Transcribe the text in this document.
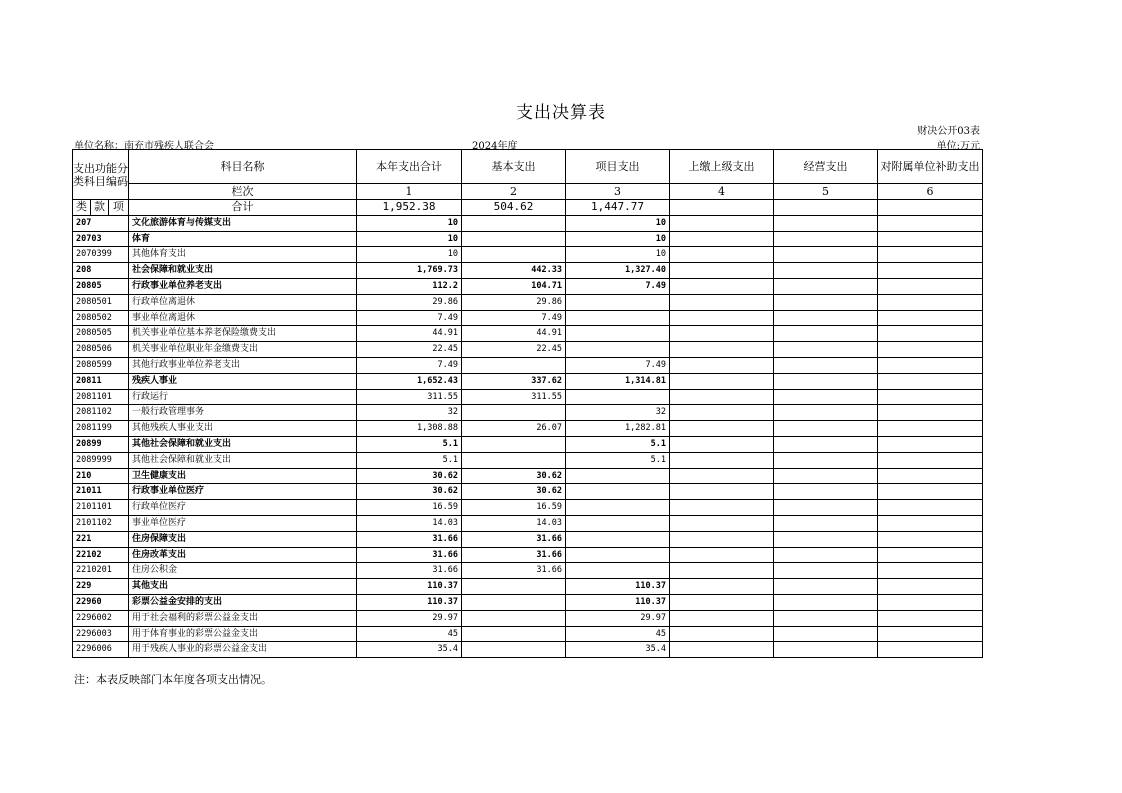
支出决算表
财决公开03表
单位名称：南充市残疾人联合会	2024年度	单位:万元
支出功能分类科目编码			科目名称	本年支出合计	基本支出	项目支出	上缴上级支出	经营支出	对附属单位补助支出
			栏次	1	2	3	4	5	6
类	款	项	合计	1,952.38	504.62	1,447.77			
207			文化旅游体育与传媒支出	10		10			
20703			体育	10		10			
2070399			其他体育支出	10		10			
208			社会保障和就业支出	1,769.73	442.33	1,327.40			
20805			行政事业单位养老支出	112.2	104.71	7.49			
2080501			行政单位离退休	29.86	29.86				
2080502			事业单位离退休	7.49	7.49				
2080505			机关事业单位基本养老保险缴费支出	44.91	44.91				
2080506			机关事业单位职业年金缴费支出	22.45	22.45				
2080599			其他行政事业单位养老支出	7.49		7.49			
20811			残疾人事业	1,652.43	337.62	1,314.81			
2081101			行政运行	311.55	311.55				
2081102			一般行政管理事务	32		32			
2081199			其他残疾人事业支出	1,308.88	26.07	1,282.81			
20899			其他社会保障和就业支出	5.1		5.1			
2089999			其他社会保障和就业支出	5.1		5.1			
210			卫生健康支出	30.62	30.62				
21011			行政事业单位医疗	30.62	30.62				
2101101			行政单位医疗	16.59	16.59				
2101102			事业单位医疗	14.03	14.03				
221			住房保障支出	31.66	31.66				
22102			住房改革支出	31.66	31.66				
2210201			住房公积金	31.66	31.66				
229			其他支出	110.37		110.37			
22960			彩票公益金安排的支出	110.37		110.37			
2296002			用于社会福利的彩票公益金支出	29.97		29.97			
2296003			用于体育事业的彩票公益金支出	45		45			
2296006			用于残疾人事业的彩票公益金支出	35.4		35.4			
注：本表反映部门本年度各项支出情况。
